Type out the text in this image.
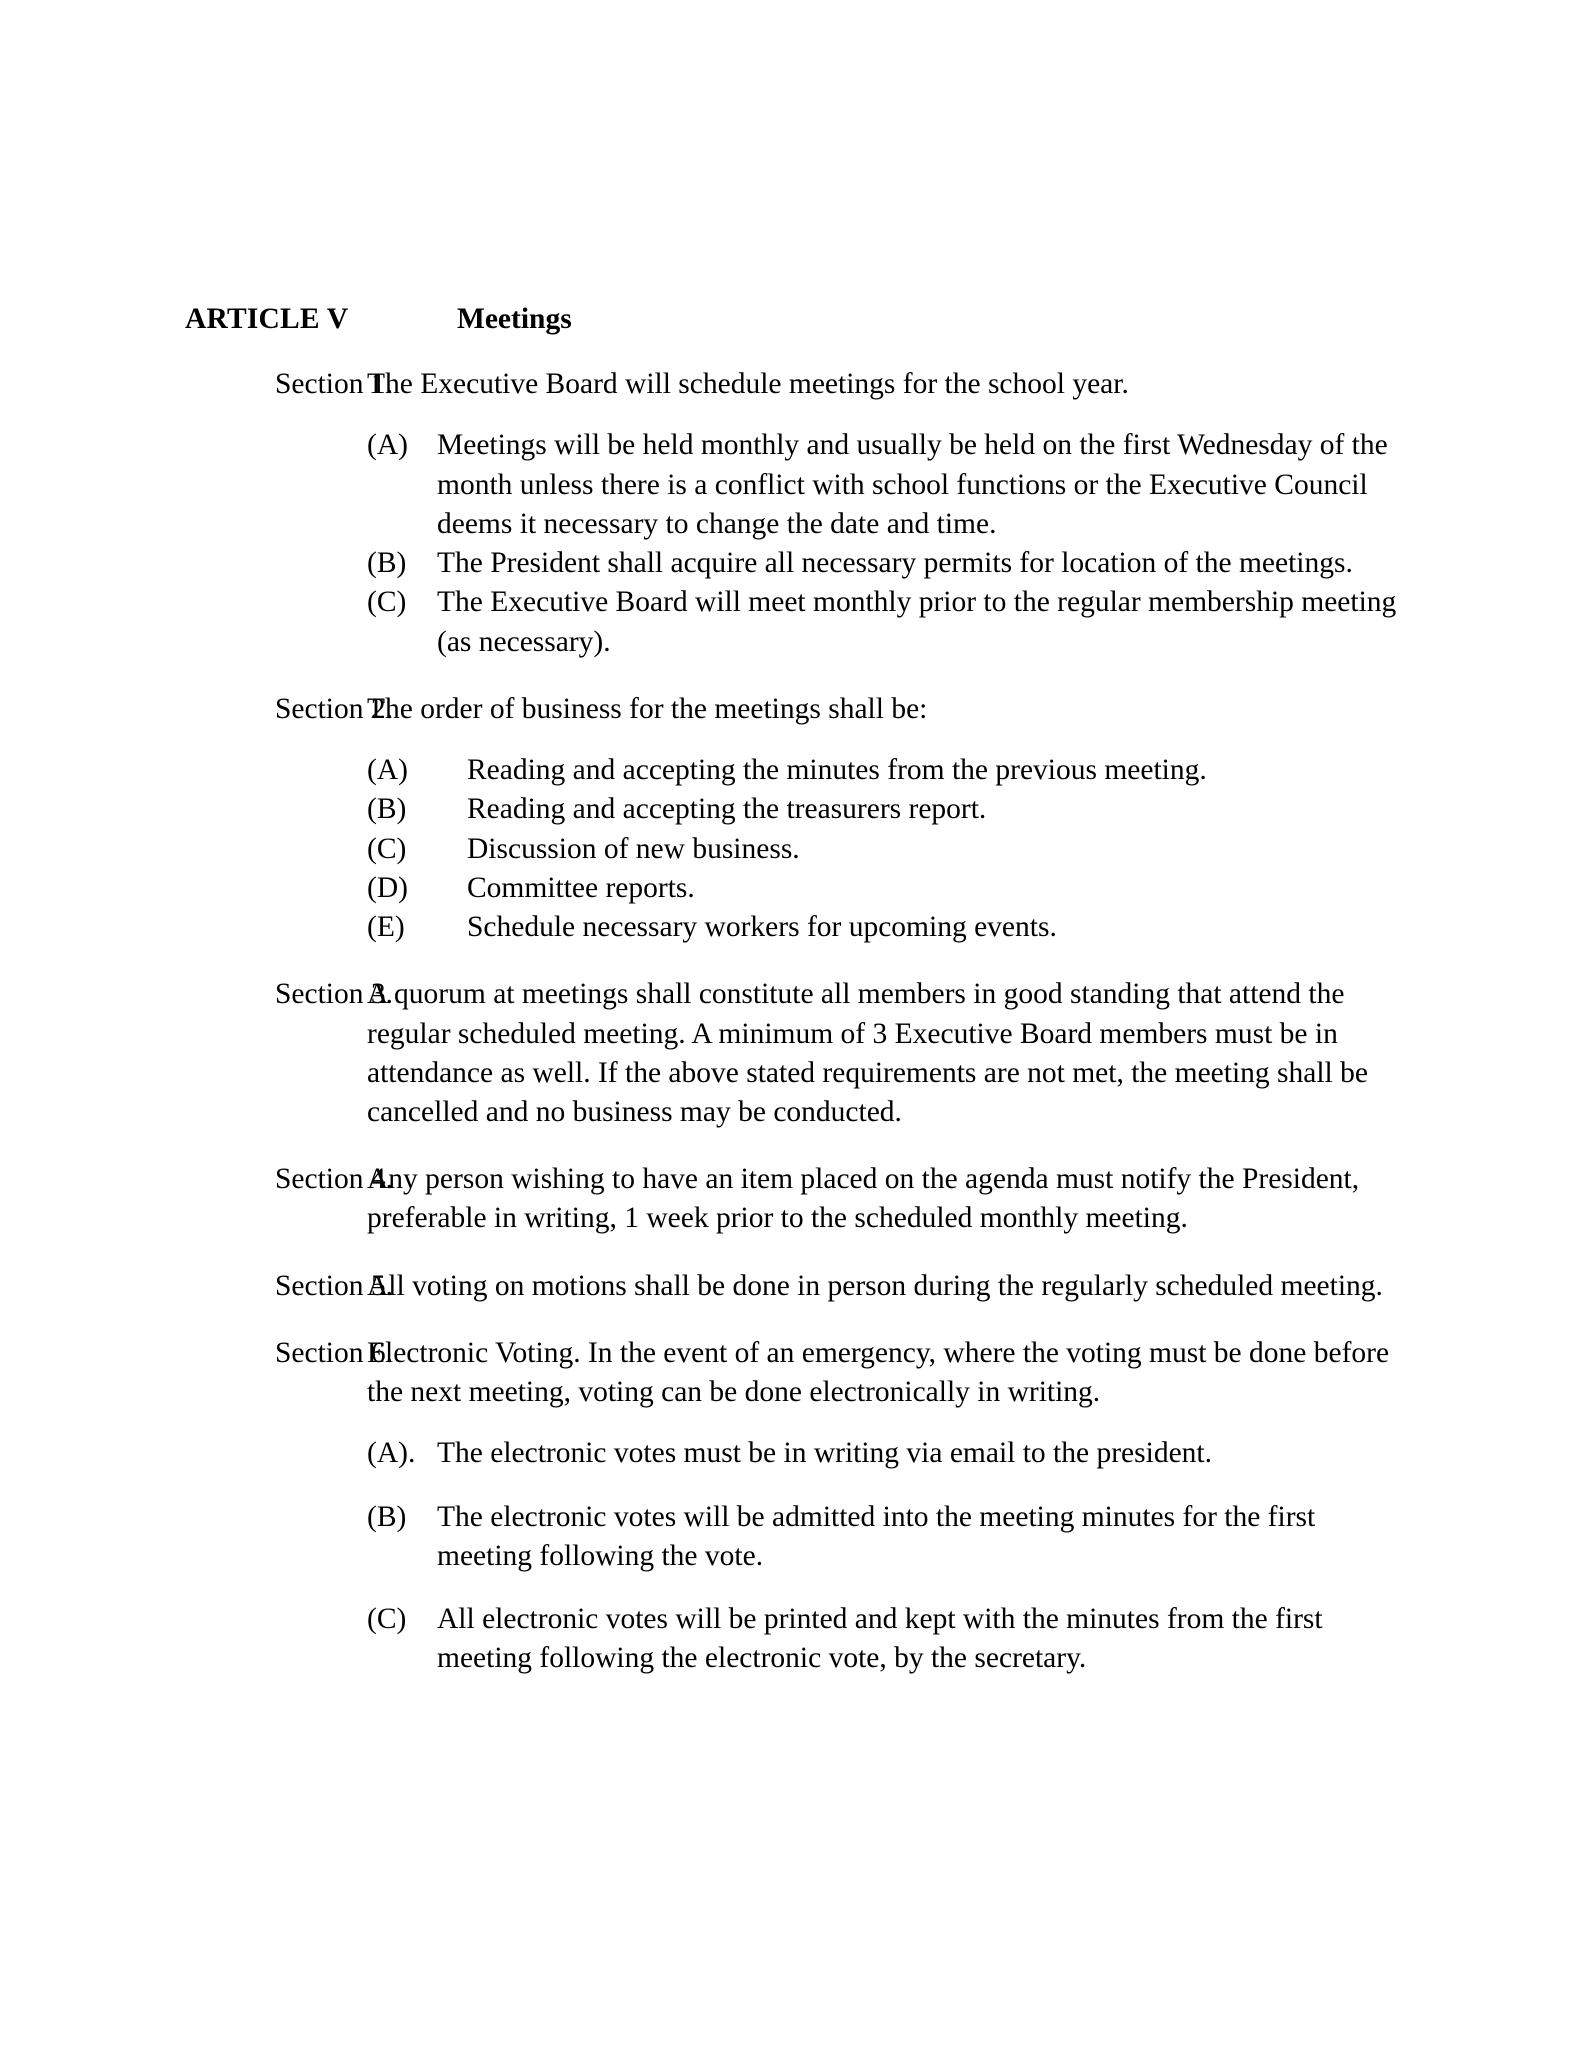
ARTICLE V	Meetings
Section 1.

The Executive Board will schedule meetings for the school year.

(A) Meetings will be held monthly and usually be held on the first Wednesday of the month unless there is a conflict with school functions or the Executive Council deems it necessary to change the date and time.
(B)	The President shall acquire all necessary permits for location of the meetings.
(C)	The Executive Board will meet monthly prior to the regular membership meeting (as necessary).
Section 2.

The order of business for the meetings shall be:

(A)	Reading and accepting the minutes from the previous meeting.
(B)	Reading and accepting the treasurers report.
(C)	Discussion of new business.
(D)	Committee reports.
(E)	Schedule necessary workers for upcoming events.
Section 3.

A quorum at meetings shall constitute all members in good standing that attend the regular scheduled meeting. A minimum of 3 Executive Board members must be in attendance as well. If the above stated requirements are not met, the meeting shall be cancelled and no business may be conducted.

Section 4.

Any person wishing to have an item placed on the agenda must notify the President, preferable in writing, 1 week prior to the scheduled monthly meeting.

Section 5.

All voting on motions shall be done in person during the regularly scheduled meeting.

Section 6.

Electronic Voting. In the event of an emergency, where the voting must be done before the next meeting, voting can be done electronically in writing.

(A). The electronic votes must be in writing via email to the president.
(B)	The electronic votes will be admitted into the meeting minutes for the first meeting following the vote.
(C)	All electronic votes will be printed and kept with the minutes from the first meeting following the electronic vote, by the secretary.
